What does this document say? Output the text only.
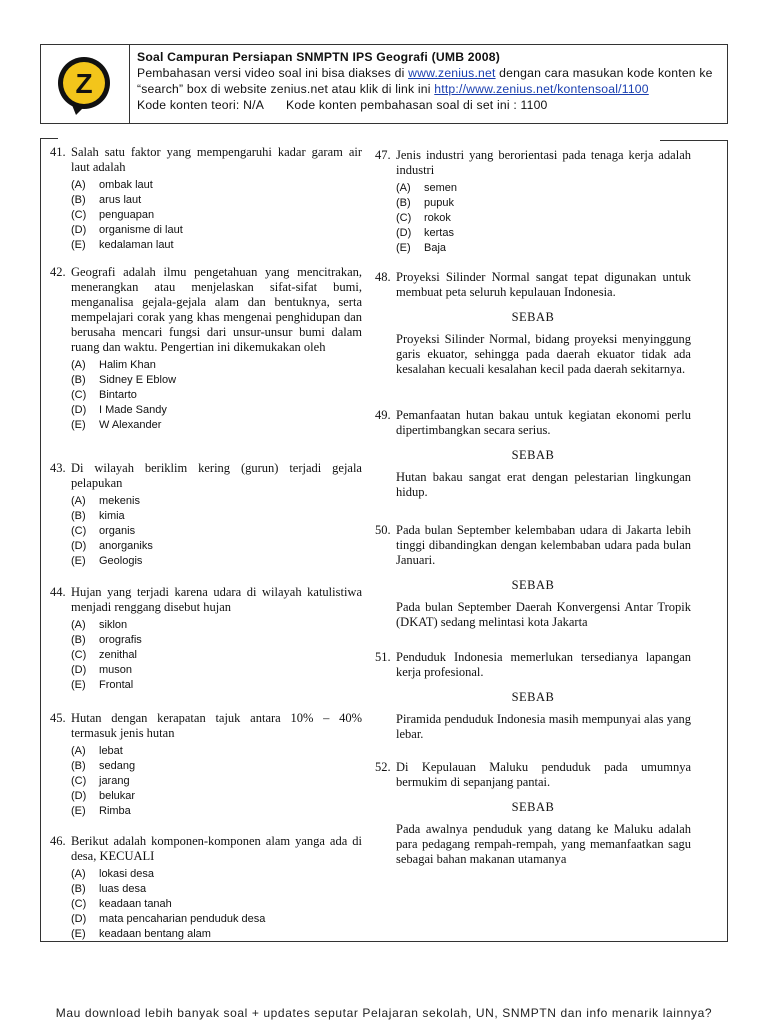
Z
Soal Campuran Persiapan SNMPTN IPS Geografi (UMB 2008)
Pembahasan versi video soal ini bisa diakses di www.zenius.net dengan cara masukan kode konten ke
“search” box di website zenius.net atau klik di link ini http://www.zenius.net/kontensoal/1100
Kode konten teori: N/A Kode konten pembahasan soal di set ini : 1100
41. Salah satu faktor yang mempengaruhi kadar garam air laut adalah
(A)	ombak laut
(B)	arus laut
(C)	penguapan
(D)	organisme di laut
(E)	kedalaman laut
42. Geografi adalah ilmu pengetahuan yang mencitrakan, menerangkan atau menjelaskan sifat-sifat bumi, menganalisa gejala-gejala alam dan bentuknya, serta mempelajari corak yang khas mengenai penghidupan dan berusaha mencari fungsi dari unsur-unsur bumi dalam ruang dan waktu. Pengertian ini dikemukakan oleh
(A)	Halim Khan
(B)	Sidney E Eblow
(C)	Bintarto
(D)	I Made Sandy
(E)	W Alexander
43. Di wilayah beriklim kering (gurun) terjadi gejala pelapukan
(A)	mekenis
(B)	kimia
(C)	organis
(D)	anorganiks
(E)	Geologis
44. Hujan yang terjadi karena udara di wilayah katulistiwa menjadi renggang disebut hujan
(A)	siklon
(B)	orografis
(C)	zenithal
(D)	muson
(E)	Frontal
45. Hutan dengan kerapatan tajuk antara 10% – 40% termasuk jenis hutan
(A)	lebat
(B)	sedang
(C)	jarang
(D)	belukar
(E)	Rimba
46. Berikut adalah komponen-komponen alam yanga ada di desa, KECUALI
(A)	lokasi desa
(B)	luas desa
(C)	keadaan tanah
(D)	mata pencaharian penduduk desa
(E)	keadaan bentang alam
47. Jenis industri yang berorientasi pada tenaga kerja adalah industri
(A)	semen
(B)	pupuk
(C)	rokok
(D)	kertas
(E)	Baja
48. Proyeksi Silinder Normal sangat tepat digunakan untuk membuat peta seluruh kepulauan Indonesia.
SEBAB
Proyeksi Silinder Normal, bidang proyeksi menyinggung garis ekuator, sehingga pada daerah ekuator tidak ada kesalahan kecuali kesalahan kecil pada daerah sekitarnya.
49. Pemanfaatan hutan bakau untuk kegiatan ekonomi perlu dipertimbangkan secara serius.
SEBAB
Hutan bakau sangat erat dengan pelestarian lingkungan hidup.
50. Pada bulan September kelembaban udara di Jakarta lebih tinggi dibandingkan dengan kelembaban udara pada bulan Januari.
SEBAB
Pada bulan September Daerah Konvergensi Antar Tropik (DKAT) sedang melintasi kota Jakarta
51. Penduduk Indonesia memerlukan tersedianya lapangan kerja profesional.
SEBAB
Piramida penduduk Indonesia masih mempunyai alas yang lebar.
52. Di Kepulauan Maluku penduduk pada umumnya bermukim di sepanjang pantai.
SEBAB
Pada awalnya penduduk yang datang ke Maluku adalah para pedagang rempah-rempah, yang memanfaatkan sagu sebagai bahan makanan utamanya
Mau download lebih banyak soal + updates seputar Pelajaran sekolah, UN, SNMPTN dan info menarik lainnya?
